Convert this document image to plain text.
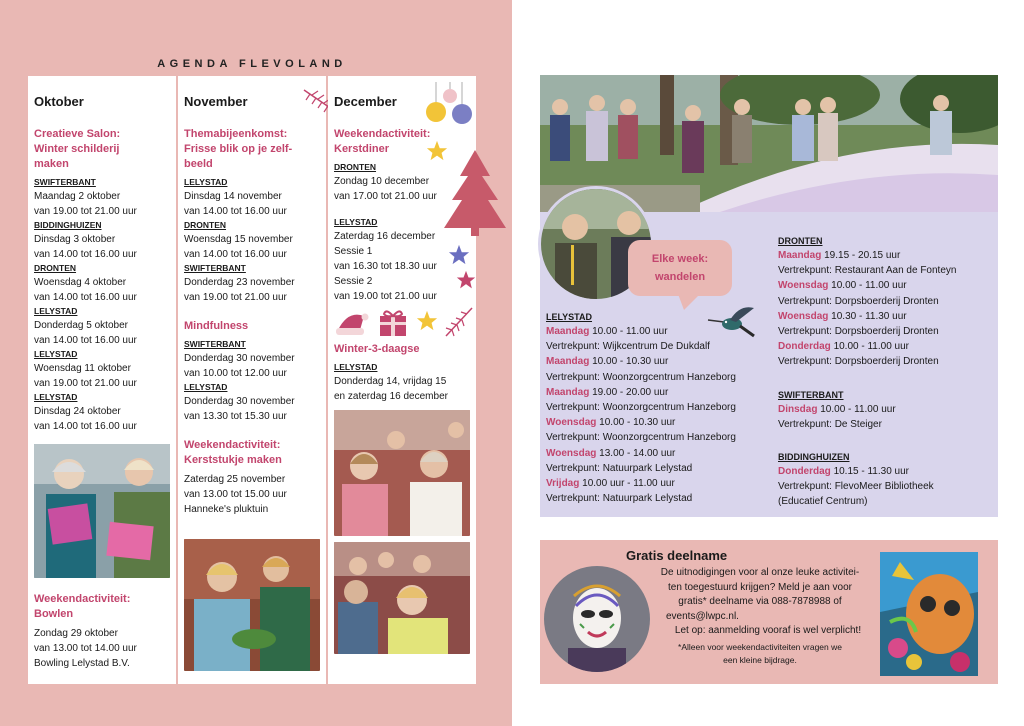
AGENDA FLEVOLAND
Oktober
Creatieve Salon:
Winter schilderij
maken
SWIFTERBANT
Maandag 2 oktober
van 19.00 tot 21.00 uur
BIDDINGHUIZEN
Dinsdag 3 oktober
van 14.00 tot 16.00 uur
DRONTEN
Woensdag 4 oktober
van 14.00 tot 16.00 uur
LELYSTAD
Donderdag 5 oktober
van 14.00 tot 16.00 uur
LELYSTAD
Woensdag 11 oktober
van 19.00 tot 21.00 uur
LELYSTAD
Dinsdag 24 oktober
van 14.00 tot 16.00 uur
Weekendactiviteit:
Bowlen
Zondag 29 oktober
van 13.00 tot 14.00 uur
Bowling Lelystad B.V.
November
Themabijeenkomst:
Frisse blik op je zelf-
beeld
LELYSTAD
Dinsdag 14 november
van 14.00 tot 16.00 uur
DRONTEN
Woensdag 15 november
van 14.00 tot 16.00 uur
SWIFTERBANT
Donderdag 23 november
van 19.00 tot 21.00 uur
Mindfulness
SWIFTERBANT
Donderdag 30 november
van 10.00 tot 12.00 uur
LELYSTAD
Donderdag 30 november
van 13.30 tot 15.30 uur
Weekendactiviteit:
Kerststukje maken
Zaterdag 25 november
van 13.00 tot 15.00 uur
Hanneke's pluktuin
December
Weekendactiviteit:
Kerstdiner
DRONTEN
Zondag 10 december
van 17.00 tot 21.00 uur
LELYSTAD
Zaterdag 16 december
Sessie 1
van 16.30 tot 18.30 uur
Sessie 2
van 19.00 tot 21.00 uur
Winter-3-daagse
LELYSTAD
Donderdag 14, vrijdag 15
en zaterdag 16 december
Elke week:
wandelen
LELYSTAD
Maandag 10.00 - 11.00 uur
Vertrekpunt: Wijkcentrum De Dukdalf
Maandag 10.00 - 10.30 uur
Vertrekpunt: Woonzorgcentrum Hanzeborg
Maandag 19.00 - 20.00 uur
Vertrekpunt: Woonzorgcentrum Hanzeborg
Woensdag 10.00 - 10.30 uur
Vertrekpunt: Woonzorgcentrum Hanzeborg
Woensdag 13.00 - 14.00 uur
Vertrekpunt: Natuurpark Lelystad
Vrijdag 10.00 uur - 11.00 uur
Vertrekpunt: Natuurpark Lelystad
DRONTEN
Maandag 19.15 - 20.15 uur
Vertrekpunt: Restaurant Aan de Fonteyn
Woensdag 10.00 - 11.00 uur
Vertrekpunt: Dorpsboerderij Dronten
Woensdag 10.30 - 11.30 uur
Vertrekpunt: Dorpsboerderij Dronten
Donderdag 10.00 - 11.00 uur
Vertrekpunt: Dorpsboerderij Dronten
SWIFTERBANT
Dinsdag 10.00 - 11.00 uur
Vertrekpunt: De Steiger
BIDDINGHUIZEN
Donderdag 10.15 - 11.30 uur
Vertrekpunt: FlevoMeer Bibliotheek
(Educatief Centrum)
Gratis deelname
De uitnodigingen voor al onze leuke activitei-
ten toegestuurd krijgen? Meld je aan voor
gratis* deelname via 088-7878988 of
events@lwpc.nl.
Let op: aanmelding vooraf is wel verplicht!
*Alleen voor weekendactiviteiten vragen we
een kleine bijdrage.
